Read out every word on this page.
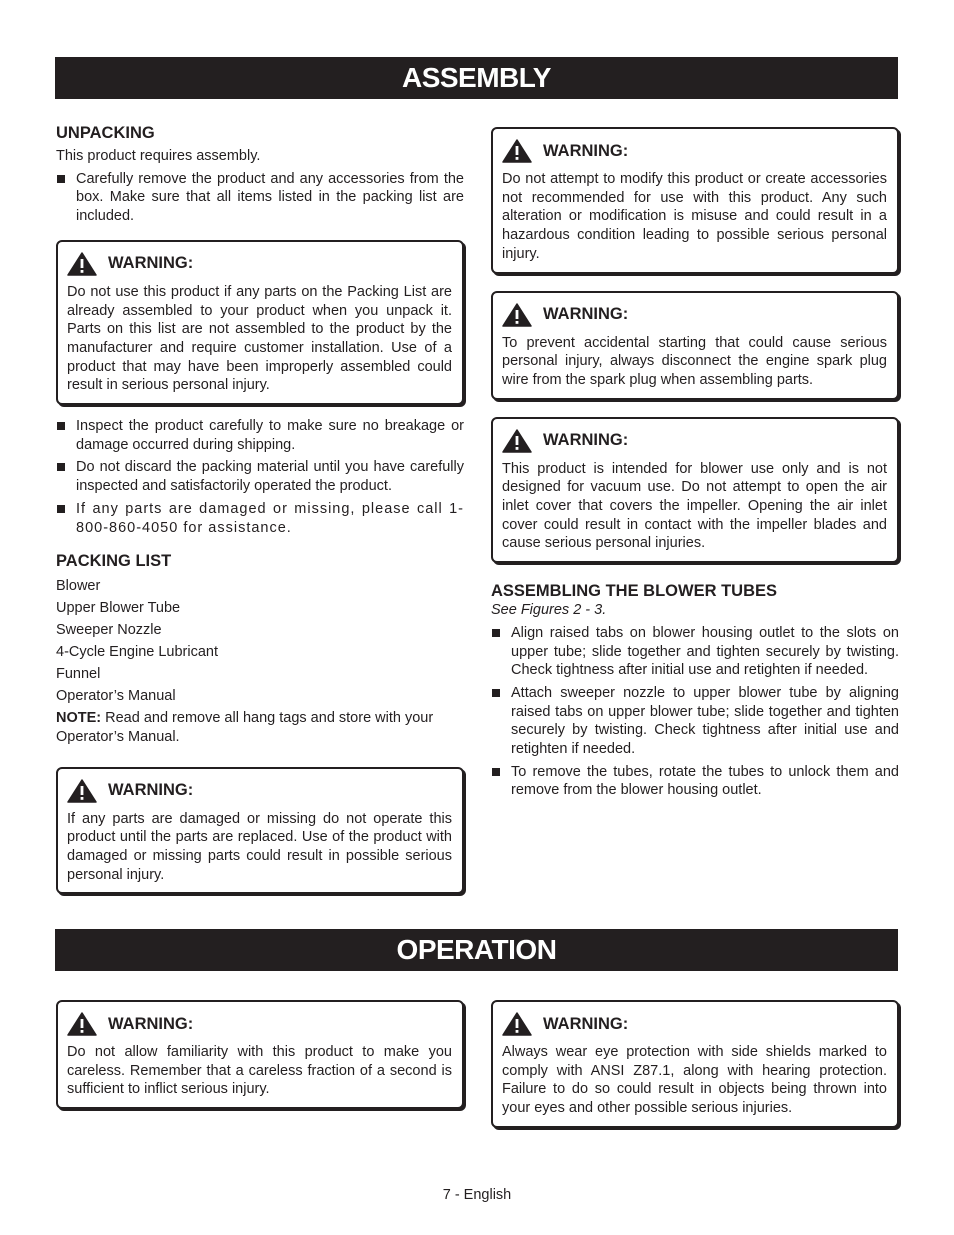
ASSEMBLY
UNPACKING
This product requires assembly.
Carefully remove the product and any accessories from the box. Make sure that all items listed in the packing list are included.
WARNING:
Do not use this product if any parts on the Packing List are already assembled to your product when you unpack it. Parts on this list are not assembled to the product by the manufacturer and require customer installation. Use of a product that may have been improperly assembled could result in serious personal injury.
Inspect the product carefully to make sure no breakage or damage occurred during shipping.
Do not discard the packing material until you have carefully inspected and satisfactorily operated the product.
If any parts are damaged or missing, please call 1-800-860-4050 for assistance.
PACKING LIST
Blower
Upper Blower Tube
Sweeper Nozzle
4-Cycle Engine Lubricant
Funnel
Operator’s Manual
NOTE: Read and remove all hang tags and store with your Operator’s Manual.
WARNING:
If any parts are damaged or missing do not operate this product until the parts are replaced. Use of the product with damaged or missing parts could result in possible serious personal injury.
WARNING:
Do not attempt to modify this product or create accessories not recommended for use with this product. Any such alteration or modification is misuse and could result in a hazardous condition leading to possible serious personal injury.
WARNING:
To prevent accidental starting that could cause serious personal injury, always disconnect the engine spark plug wire from the spark plug when assembling parts.
WARNING:
This product is intended for blower use only and is not designed for vacuum use. Do not attempt to open the air inlet cover that covers the impeller. Opening the air inlet cover could result in contact with the impeller blades and cause serious personal injuries.
ASSEMBLING THE BLOWER TUBES
See Figures 2 - 3.
Align raised tabs on blower housing outlet to the slots on upper tube; slide together and tighten securely by twisting. Check tightness after initial use and retighten if needed.
Attach sweeper nozzle to upper blower tube by aligning raised tabs on upper blower tube; slide together and tighten securely by twisting. Check tightness after initial use and retighten if needed.
To remove the tubes, rotate the tubes to unlock them and remove from the blower housing outlet.
OPERATION
WARNING:
Do not allow familiarity with this product to make you careless. Remember that a careless fraction of a second is sufficient to inflict serious injury.
WARNING:
Always wear eye protection with side shields marked to comply with ANSI Z87.1, along with hearing protection. Failure to do so could result in objects being thrown into your eyes and other possible serious injuries.
7 - English
